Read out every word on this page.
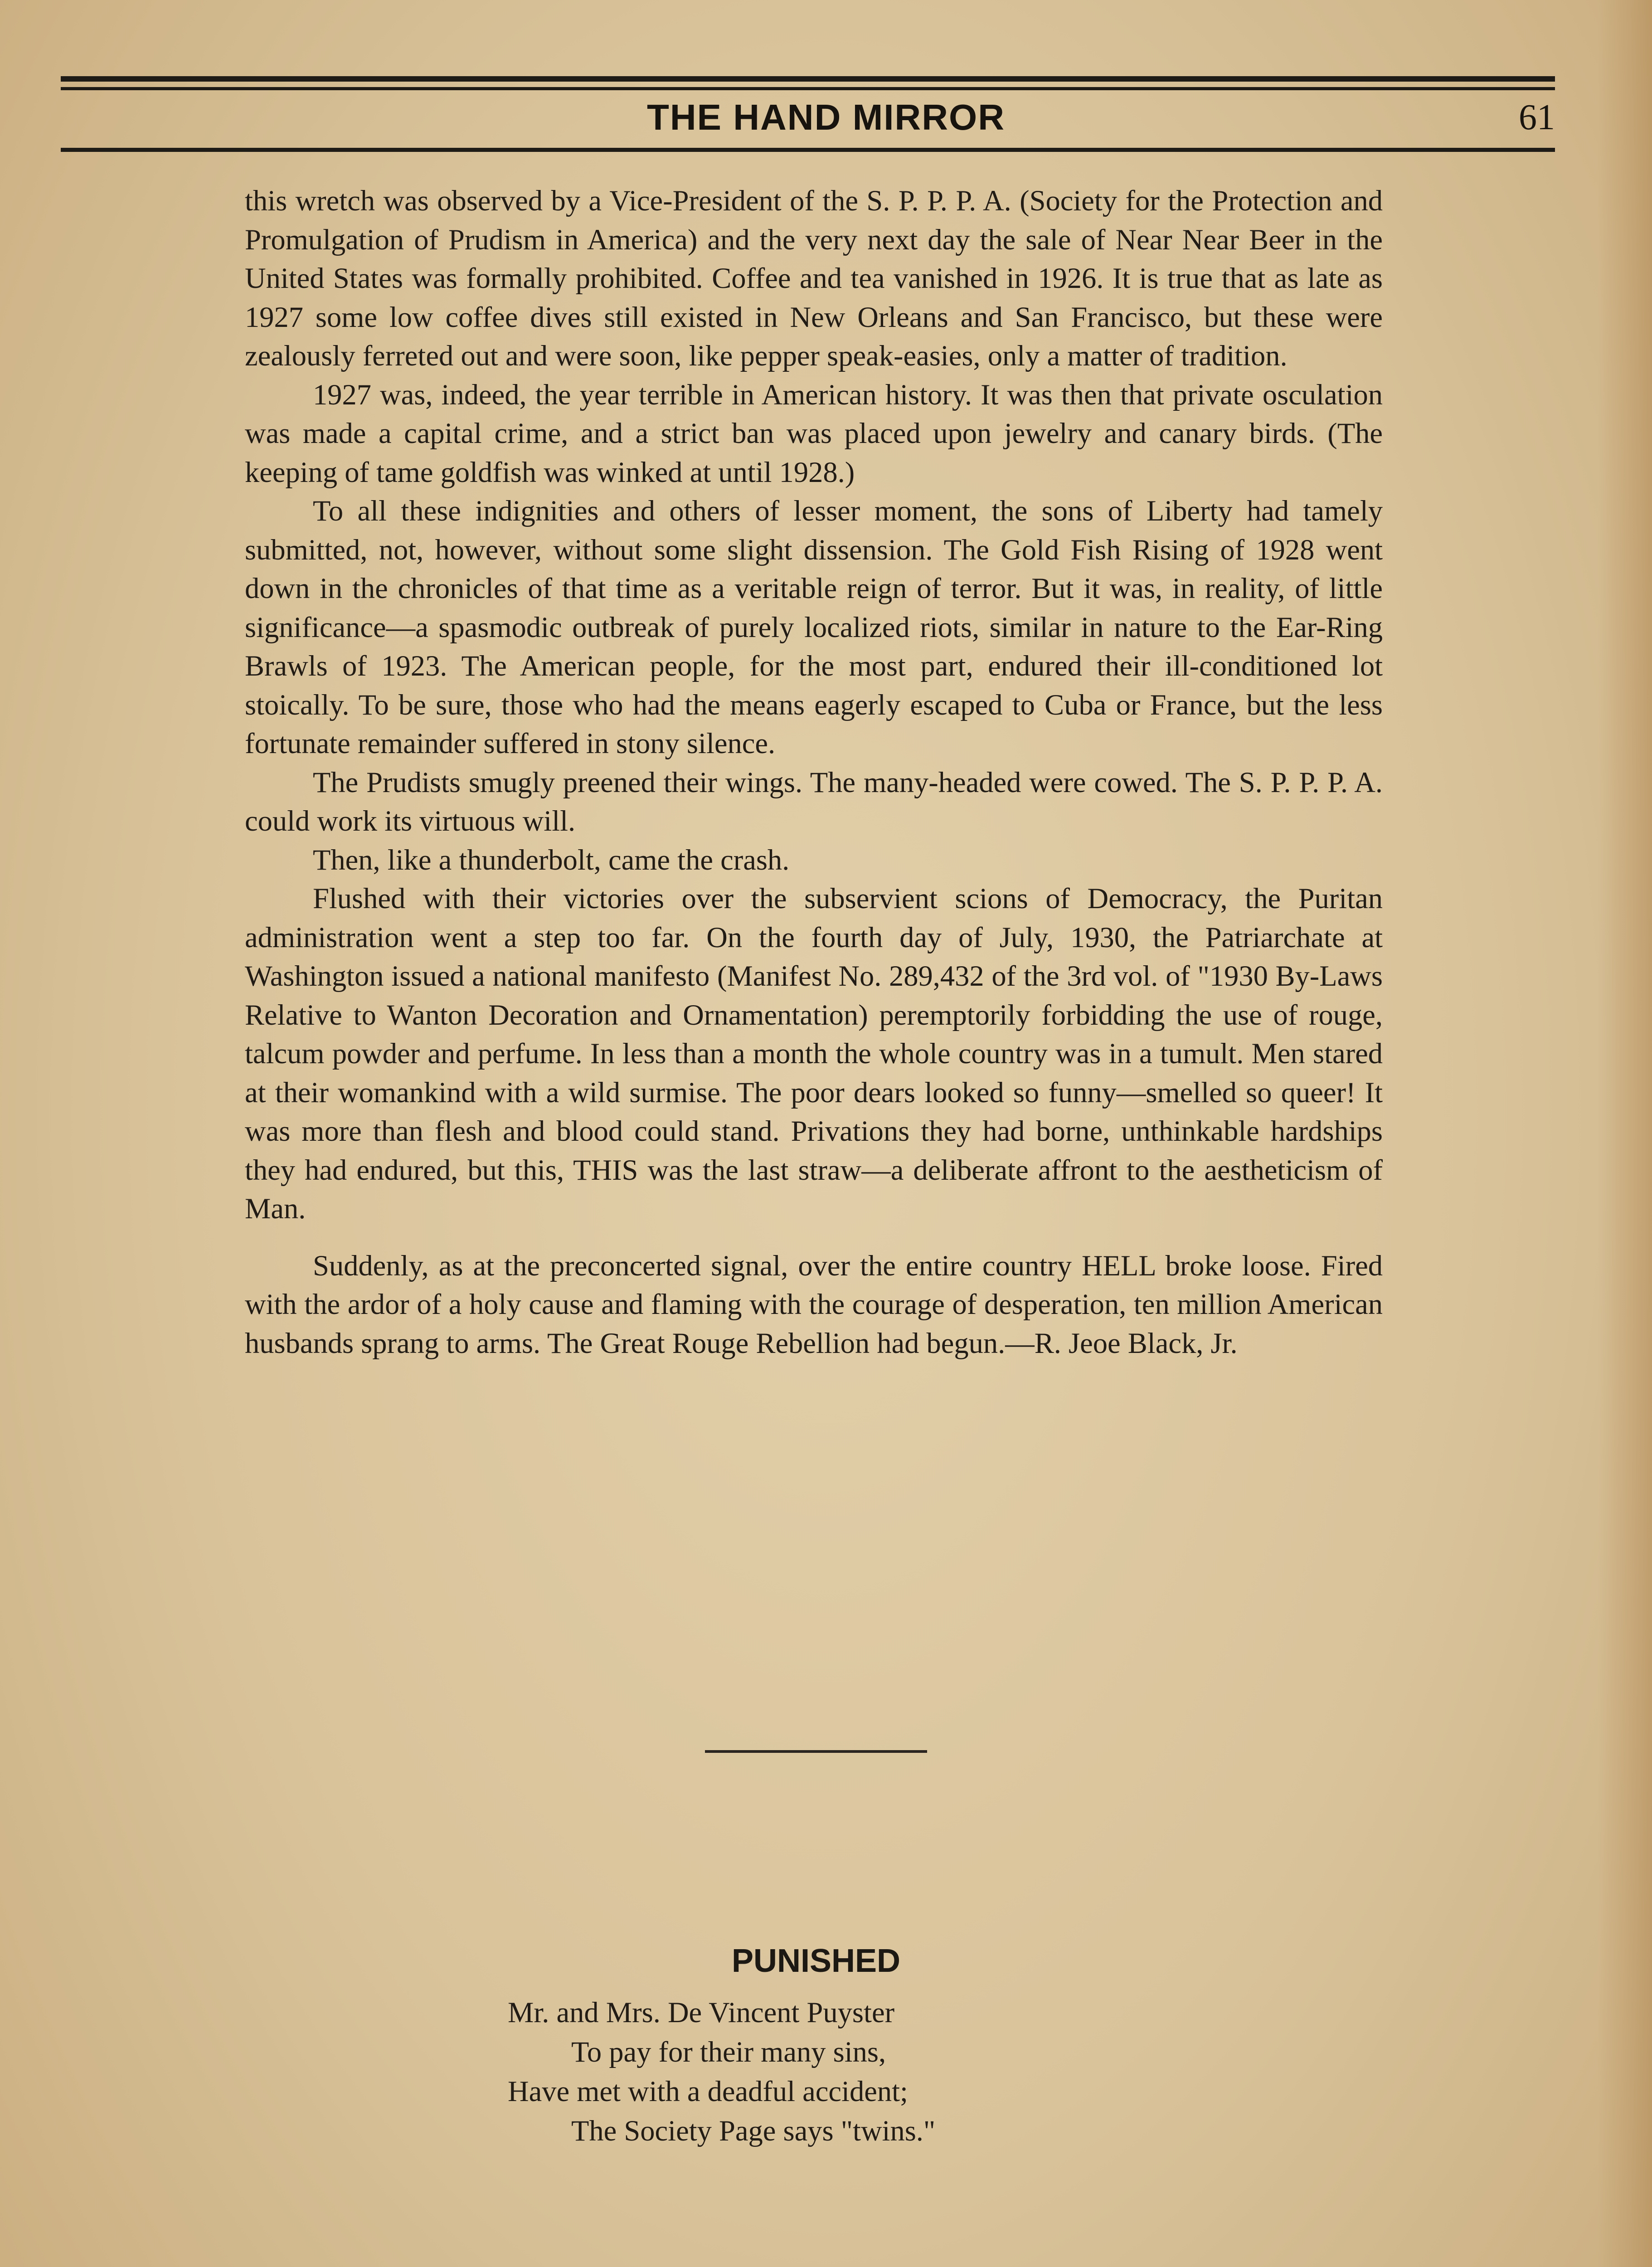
THE HAND MIRROR	61

this wretch was observed by a Vice-President of the S. P. P. P. A. (Society for the Protection and Promulgation of Prudism in America) and the very next day the sale of Near Near Beer in the United States was formally prohibited. Coffee and tea vanished in 1926. It is true that as late as 1927 some low coffee dives still existed in New Orleans and San Francisco, but these were zealously ferreted out and were soon, like pepper speak-easies, only a matter of tradition.

1927 was, indeed, the year terrible in American history. It was then that private osculation was made a capital crime, and a strict ban was placed upon jewelry and canary birds. (The keeping of tame goldfish was winked at until 1928.)

To all these indignities and others of lesser moment, the sons of Liberty had tamely submitted, not, however, without some slight dissension. The Gold Fish Rising of 1928 went down in the chronicles of that time as a veritable reign of terror. But it was, in reality, of little significance—a spasmodic outbreak of purely localized riots, similar in nature to the Ear-Ring Brawls of 1923. The American people, for the most part, endured their ill-conditioned lot stoically. To be sure, those who had the means eagerly escaped to Cuba or France, but the less fortunate remainder suffered in stony silence.

The Prudists smugly preened their wings. The many-headed were cowed. The S. P. P. P. A. could work its virtuous will.

Then, like a thunderbolt, came the crash.

Flushed with their victories over the subservient scions of Democracy, the Puritan administration went a step too far. On the fourth day of July, 1930, the Patriarchate at Washington issued a national manifesto (Manifest No. 289,432 of the 3rd vol. of "1930 By-Laws Relative to Wanton Decoration and Ornamentation) peremptorily forbidding the use of rouge, talcum powder and perfume. In less than a month the whole country was in a tumult. Men stared at their womankind with a wild surmise. The poor dears looked so funny—smelled so queer! It was more than flesh and blood could stand. Privations they had borne, unthinkable hardships they had endured, but this, THIS was the last straw—a deliberate affront to the aestheticism of Man.

Suddenly, as at the preconcerted signal, over the entire country HELL broke loose. Fired with the ardor of a holy cause and flaming with the courage of desperation, ten million American husbands sprang to arms. The Great Rouge Rebellion had begun.—R. Jeoe Black, Jr.

PUNISHED
Mr. and Mrs. De Vincent Puyster
To pay for their many sins,
Have met with a deadful accident;
The Society Page says "twins."
